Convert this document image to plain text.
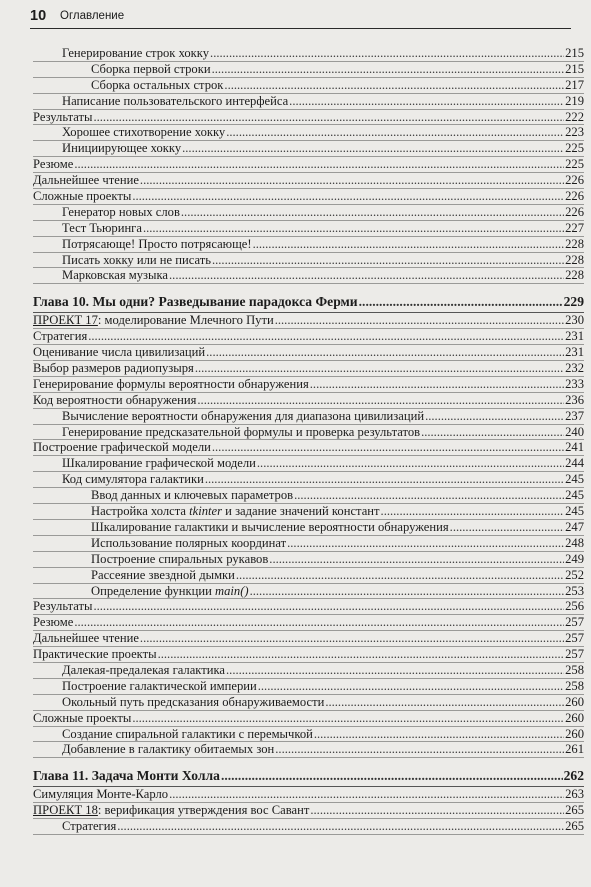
10 Оглавление
Генерирование строк хокку .....	215
Сборка первой строки .....	215
Сборка остальных строк .....	217
Написание пользовательского интерфейса .....	219
Результаты .....	222
Хорошее стихотворение хокку .....	223
Инициирующее хокку .....	225
Резюме .....	225
Дальнейшее чтение .....	226
Сложные проекты .....	226
Генератор новых слов .....	226
Тест Тьюринга .....	227
Потрясающе! Просто потрясающе! .....	228
Писать хокку или не писать .....	228
Марковская музыка .....	228
Глава 10. Мы одни? Разведывание парадокса Ферми .....	229
ПРОЕКТ 17: моделирование Млечного Пути .....	230
Стратегия .....	231
Оценивание числа цивилизаций .....	231
Выбор размеров радиопузыря .....	232
Генерирование формулы вероятности обнаружения .....	233
Код вероятности обнаружения .....	236
Вычисление вероятности обнаружения для диапазона цивилизаций .....	237
Генерирование предсказательной формулы и проверка результатов .....	240
Построение графической модели .....	241
Шкалирование графической модели .....	244
Код симулятора галактики .....	245
Ввод данных и ключевых параметров .....	245
Настройка холста tkinter и задание значений констант .....	245
Шкалирование галактики и вычисление вероятности обнаружения .....	247
Использование полярных координат .....	248
Построение спиральных рукавов .....	249
Рассеяние звездной дымки .....	252
Определение функции main() .....	253
Результаты .....	256
Резюме .....	257
Дальнейшее чтение .....	257
Практические проекты .....	257
Далекая-предалекая галактика .....	258
Построение галактической империи .....	258
Окольный путь предсказания обнаруживаемости .....	260
Сложные проекты .....	260
Создание спиральной галактики с перемычкой .....	260
Добавление в галактику обитаемых зон .....	261
Глава 11. Задача Монти Холла .....	262
Симуляция Монте-Карло .....	263
ПРОЕКТ 18: верификация утверждения вос Савант .....	265
Стратегия .....	265
